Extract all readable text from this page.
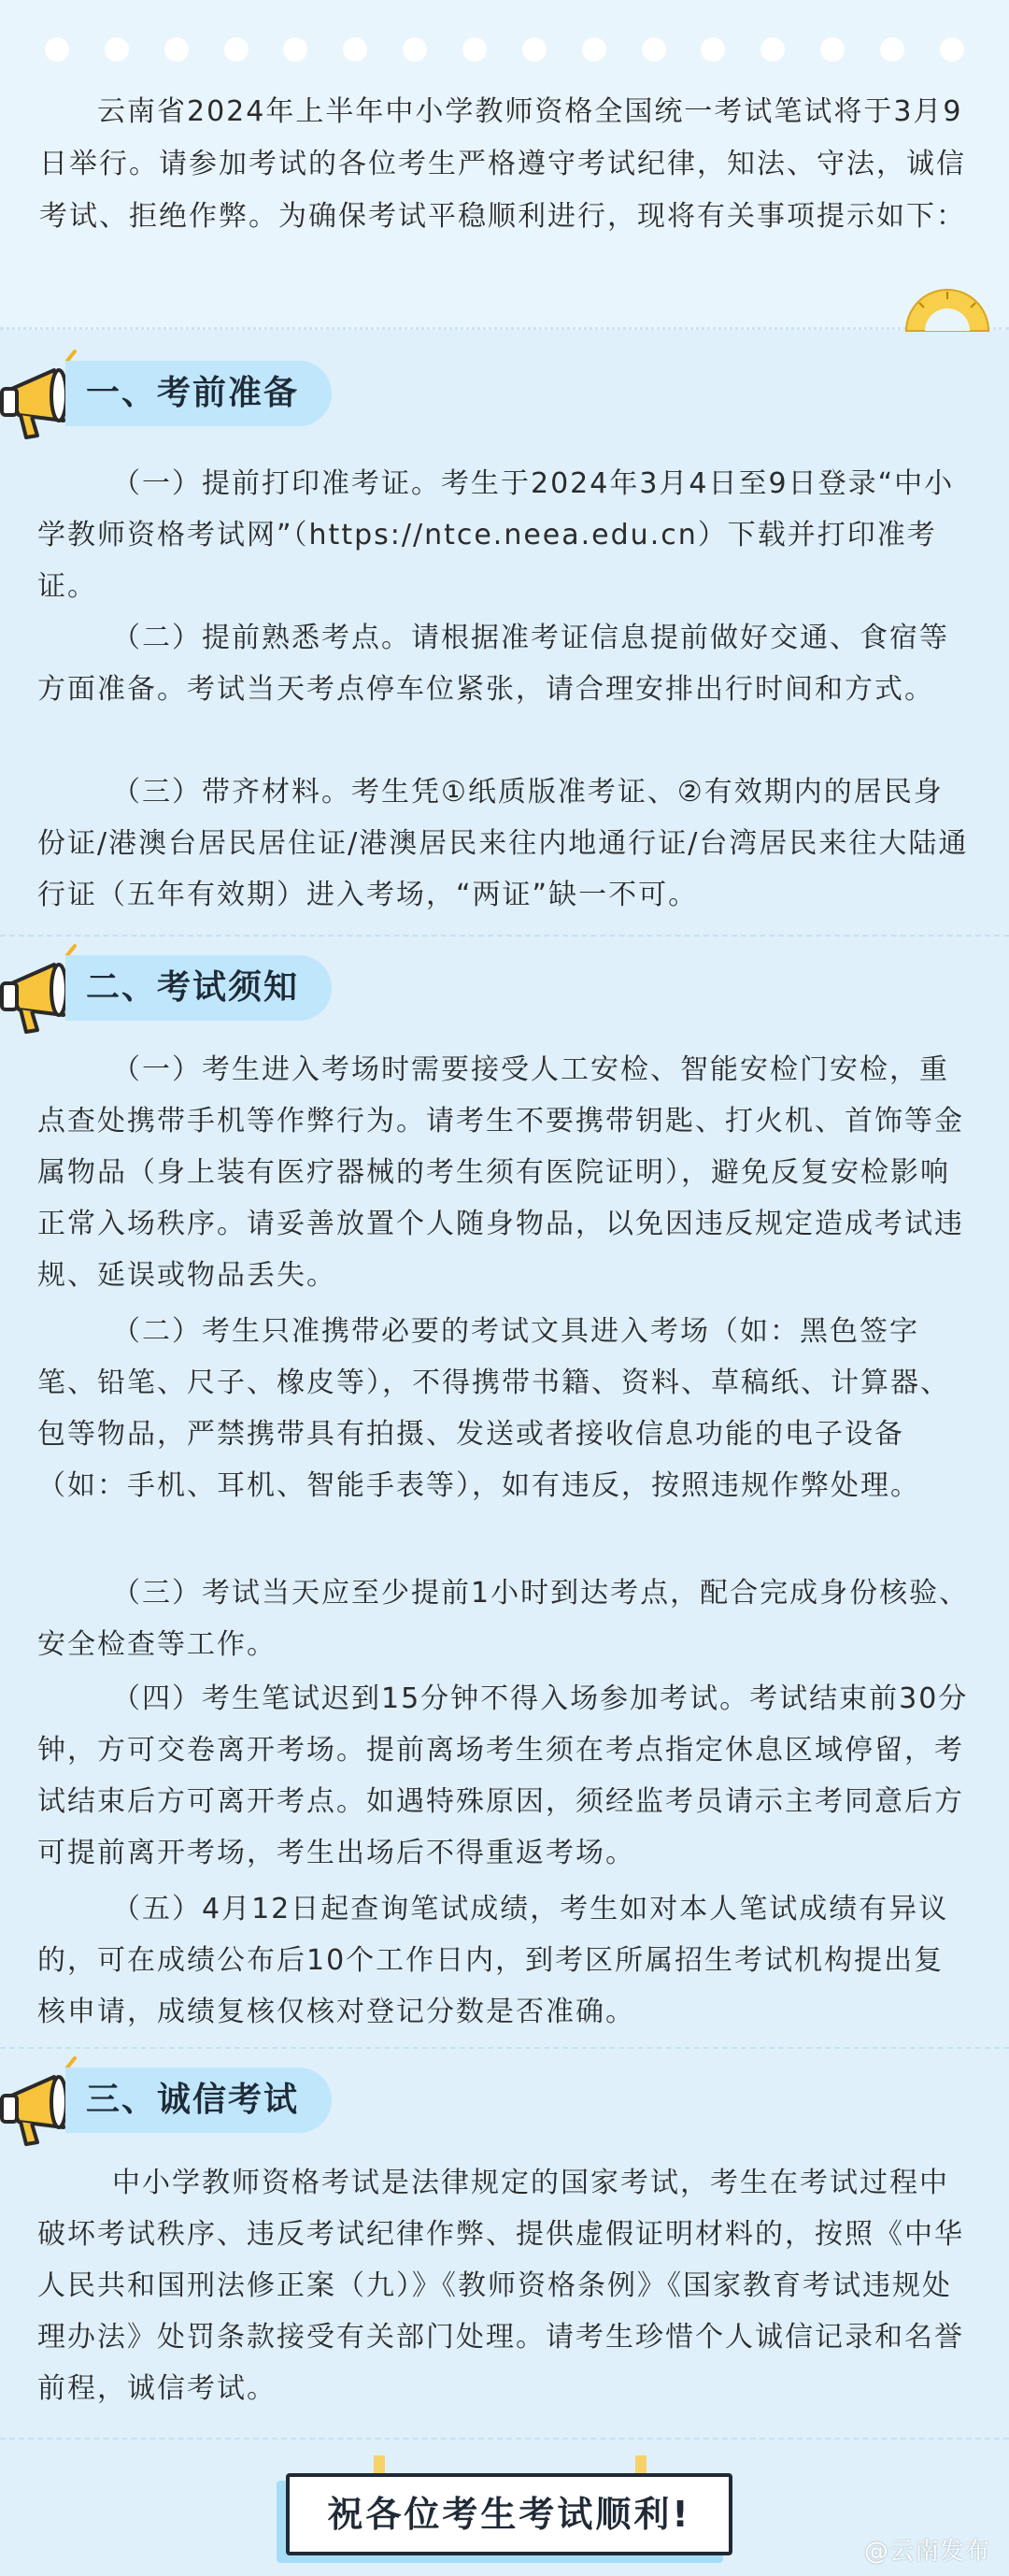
云南省2024年上半年中小学教师资格全国统一考试笔试将于3月9日举行。请参加考试的各位考生严格遵守考试纪律，知法、守法，诚信考试、拒绝作弊。为确保考试平稳顺利进行，现将有关事项提示如下：

一、考前准备

（一）提前打印准考证。考生于2024年3月4日至9日登录“中小学教师资格考试网”（https://ntce.neea.edu.cn）下载并打印准考证。

（二）提前熟悉考点。请根据准考证信息提前做好交通、食宿等方面准备。考试当天考点停车位紧张，请合理安排出行时间和方式。

（三）带齐材料。考生凭①纸质版准考证、②有效期内的居民身份证/港澳台居民居住证/港澳居民来往内地通行证/台湾居民来往大陆通行证（五年有效期）进入考场，“两证”缺一不可。

二、考试须知

（一）考生进入考场时需要接受人工安检、智能安检门安检，重点查处携带手机等作弊行为。请考生不要携带钥匙、打火机、首饰等金属物品（身上装有医疗器械的考生须有医院证明），避免反复安检影响正常入场秩序。请妥善放置个人随身物品，以免因违反规定造成考试违规、延误或物品丢失。

（二）考生只准携带必要的考试文具进入考场（如：黑色签字笔、铅笔、尺子、橡皮等），不得携带书籍、资料、草稿纸、计算器、包等物品，严禁携带具有拍摄、发送或者接收信息功能的电子设备（如：手机、耳机、智能手表等），如有违反，按照违规作弊处理。

（三）考试当天应至少提前1小时到达考点，配合完成身份核验、安全检查等工作。

（四）考生笔试迟到15分钟不得入场参加考试。考试结束前30分钟，方可交卷离开考场。提前离场考生须在考点指定休息区域停留，考试结束后方可离开考点。如遇特殊原因，须经监考员请示主考同意后方可提前离开考场，考生出场后不得重返考场。

（五）4月12日起查询笔试成绩，考生如对本人笔试成绩有异议的，可在成绩公布后10个工作日内，到考区所属招生考试机构提出复核申请，成绩复核仅核对登记分数是否准确。

三、诚信考试

中小学教师资格考试是法律规定的国家考试，考生在考试过程中破坏考试秩序、违反考试纪律作弊、提供虚假证明材料的，按照《中华人民共和国刑法修正案（九）》《教师资格条例》《国家教育考试违规处理办法》处罚条款接受有关部门处理。请考生珍惜个人诚信记录和名誉前程，诚信考试。

祝各位考生考试顺利!
@云南发布
